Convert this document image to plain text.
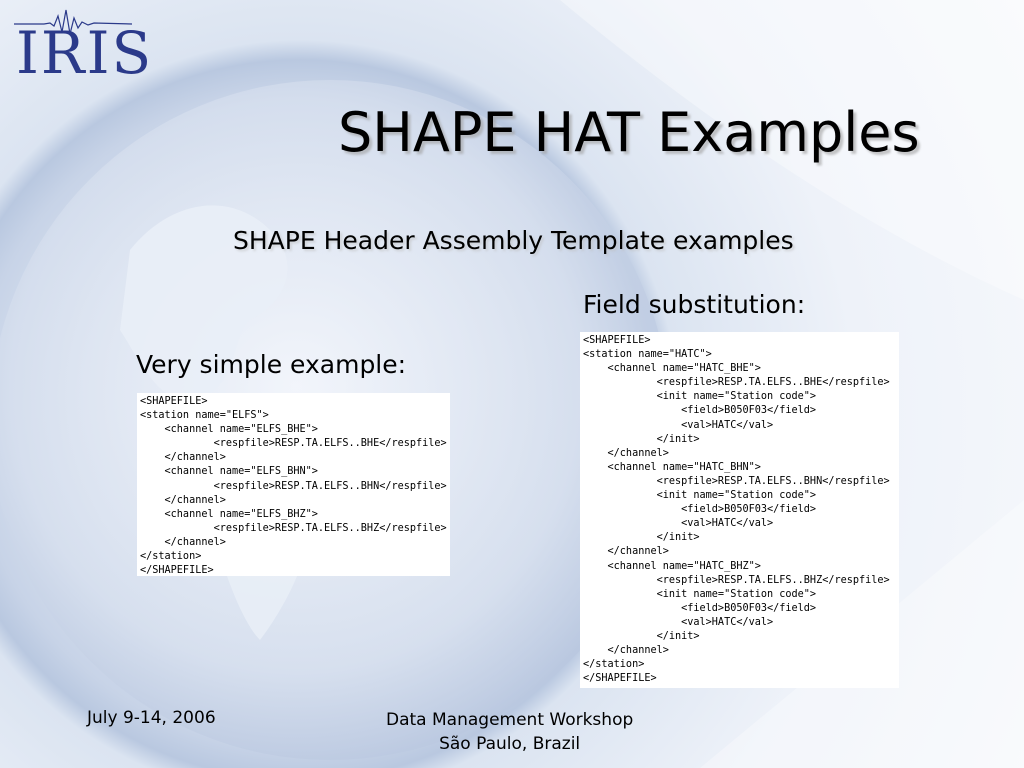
IRIS
SHAPE HAT Examples
SHAPE Header Assembly Template examples
Very simple example:
Field substitution:
<SHAPEFILE>
<station name="ELFS">
<channel name="ELFS_BHE">
<respfile>RESP.TA.ELFS..BHE</respfile>
</channel>
<channel name="ELFS_BHN">
<respfile>RESP.TA.ELFS..BHN</respfile>
</channel>
<channel name="ELFS_BHZ">
<respfile>RESP.TA.ELFS..BHZ</respfile>
</channel>
</station>
</SHAPEFILE>
<SHAPEFILE>
<station name="HATC">
<channel name="HATC_BHE">
<respfile>RESP.TA.ELFS..BHE</respfile>
<init name="Station code">
<field>B050F03</field>
<val>HATC</val>
</init>
</channel>
<channel name="HATC_BHN">
<respfile>RESP.TA.ELFS..BHN</respfile>
<init name="Station code">
<field>B050F03</field>
<val>HATC</val>
</init>
</channel>
<channel name="HATC_BHZ">
<respfile>RESP.TA.ELFS..BHZ</respfile>
<init name="Station code">
<field>B050F03</field>
<val>HATC</val>
</init>
</channel>
</station>
</SHAPEFILE>
July 9-14, 2006	Data Management Workshop
São Paulo, Brazil
